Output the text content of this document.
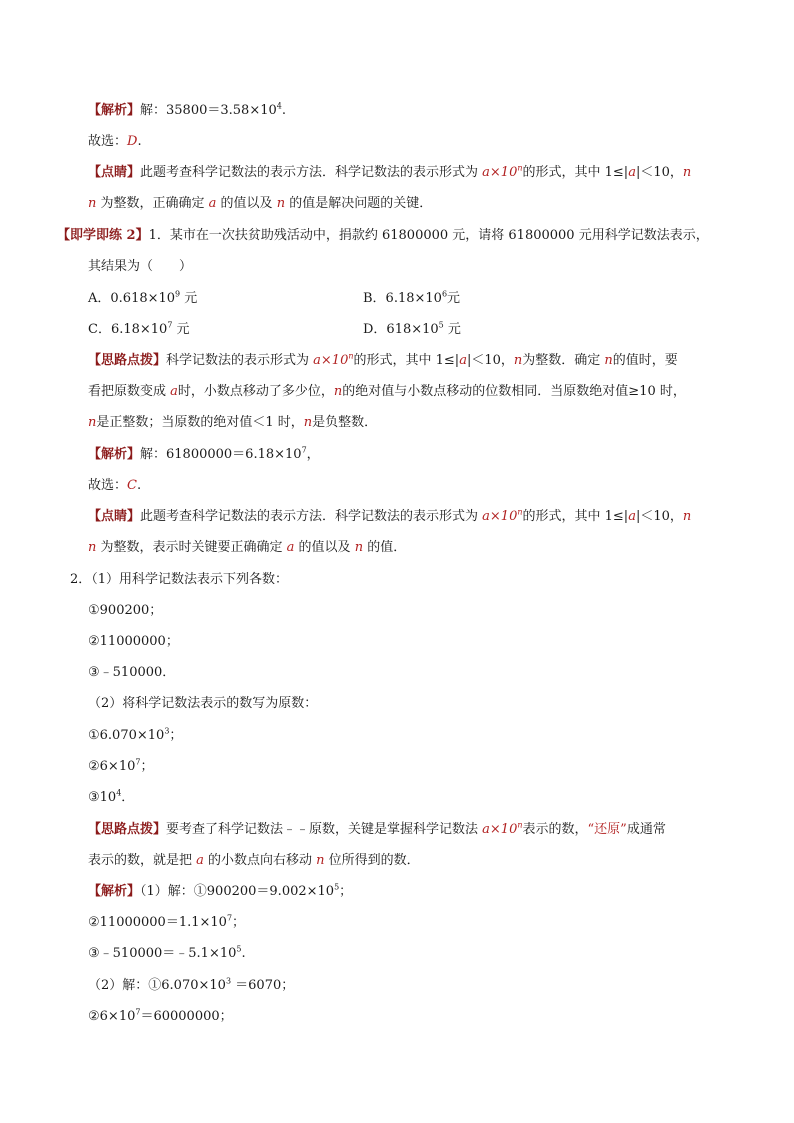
【解析】解：$35800=3.58\times 10^4$.
故选：D.
【点睛】此题考查科学记数法的表示方法．科学记数法的表示形式为 $a\times 10^n$的形式，其中 1≤|a|＜10，n
n 为整数，正确确定 a 的值以及 n 的值是解决问题的关键．
【即学即练 2】1．某市在一次扶贫助残活动中，捐款约 61800000 元，请将 61800000 元用科学记数法表示，
其结果为（　　）
A．$0.618\times 10^9$ 元	B．$6.18\times 10^6$元
C．$6.18\times 10^7$ 元	D．$618\times 10^5$ 元
【思路点拨】科学记数法的表示形式为 $a\times 10^n$的形式，其中 1≤|a|＜10，n为整数．确定 n的值时，要
看把原数变成 a时，小数点移动了多少位，n的绝对值与小数点移动的位数相同．当原数绝对值≥10 时，
n是正整数；当原数的绝对值＜1 时，n是负整数．
【解析】解：$61800000=6.18\times 10^7$，
故选：C.
【点睛】此题考查科学记数法的表示方法．科学记数法的表示形式为 $a\times 10^n$的形式，其中 1≤|a|＜10，n
n 为整数，表示时关键要正确确定 a 的值以及 n 的值．
2．（1）用科学记数法表示下列各数：
①900200；
②11000000；
③﹣510000．
（2）将科学记数法表示的数写为原数：
$①6.070\times 10^3$；
$②6\times 10^7$；
$③10^4$．
【思路点拨】要考查了科学记数法﹣﹣原数，关键是掌握科学记数法 $a\times 10^n$表示的数，“还原”成通常
表示的数，就是把 a 的小数点向右移动 n 位所得到的数．
【解析】（1）解：$①900200=9.002\times 10^5$；
$②11000000=1.1\times 10^7$；
$③﹣510000=﹣5.1\times 10^5$.
（2）解：$①6.070\times 10^3 =6070$；
$②6\times 10^7=60000000$；
